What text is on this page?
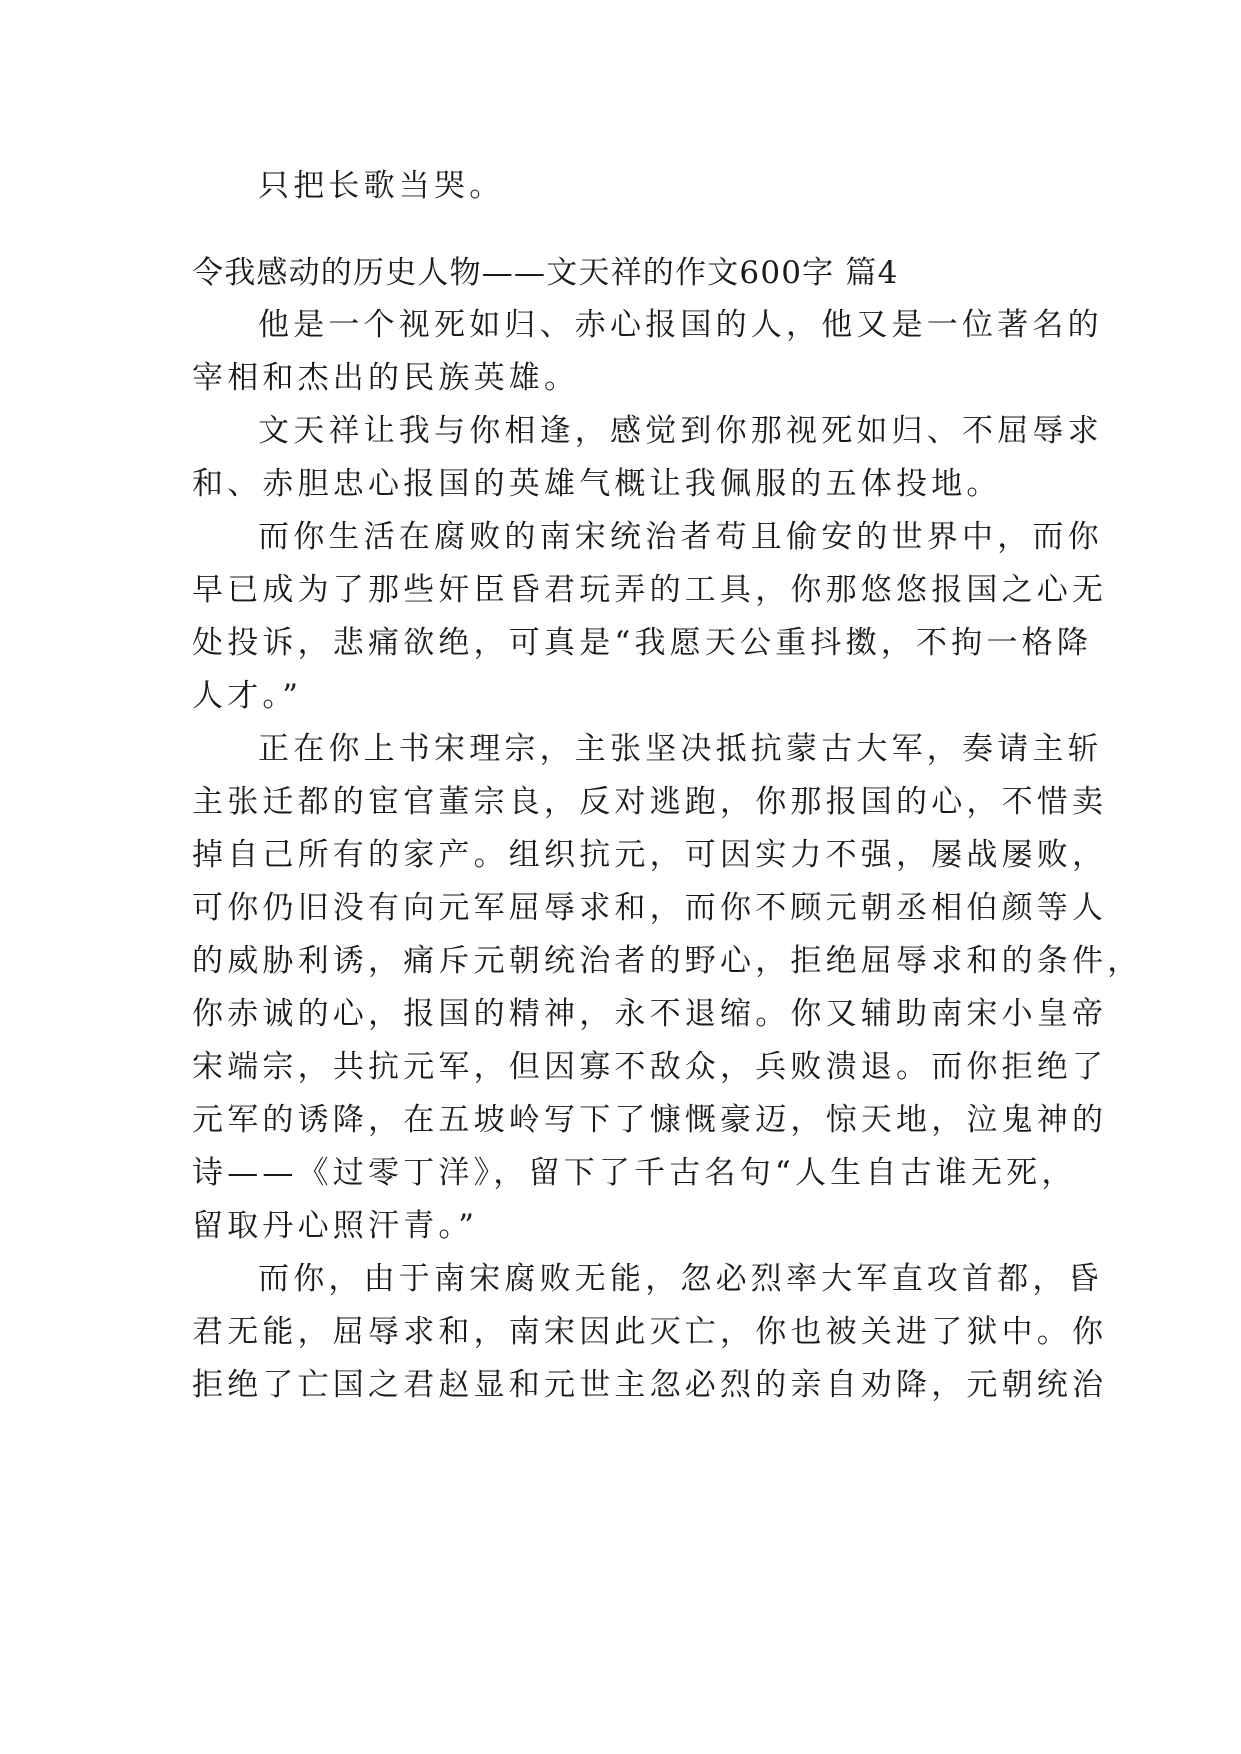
只把长歌当哭。
令我感动的历史人物——文天祥的作文600字 篇4
他是一个视死如归、赤心报国的人，他又是一位著名的
宰相和杰出的民族英雄。
文天祥让我与你相逢，感觉到你那视死如归、不屈辱求
和、赤胆忠心报国的英雄气概让我佩服的五体投地。
而你生活在腐败的南宋统治者苟且偷安的世界中，而你
早已成为了那些奸臣昏君玩弄的工具，你那悠悠报国之心无
处投诉，悲痛欲绝，可真是“我愿天公重抖擞，不拘一格降
人才。”
正在你上书宋理宗，主张坚决抵抗蒙古大军，奏请主斩
主张迁都的宦官董宗良，反对逃跑，你那报国的心，不惜卖
掉自己所有的家产。组织抗元，可因实力不强，屡战屡败，
可你仍旧没有向元军屈辱求和，而你不顾元朝丞相伯颜等人
的威胁利诱，痛斥元朝统治者的野心，拒绝屈辱求和的条件，
你赤诚的心，报国的精神，永不退缩。你又辅助南宋小皇帝
宋端宗，共抗元军，但因寡不敌众，兵败溃退。而你拒绝了
元军的诱降，在五坡岭写下了慷慨豪迈，惊天地，泣鬼神的
诗——《过零丁洋》，留下了千古名句“人生自古谁无死，
留取丹心照汗青。”
而你，由于南宋腐败无能，忽必烈率大军直攻首都，昏
君无能，屈辱求和，南宋因此灭亡，你也被关进了狱中。你
拒绝了亡国之君赵显和元世主忽必烈的亲自劝降，元朝统治
